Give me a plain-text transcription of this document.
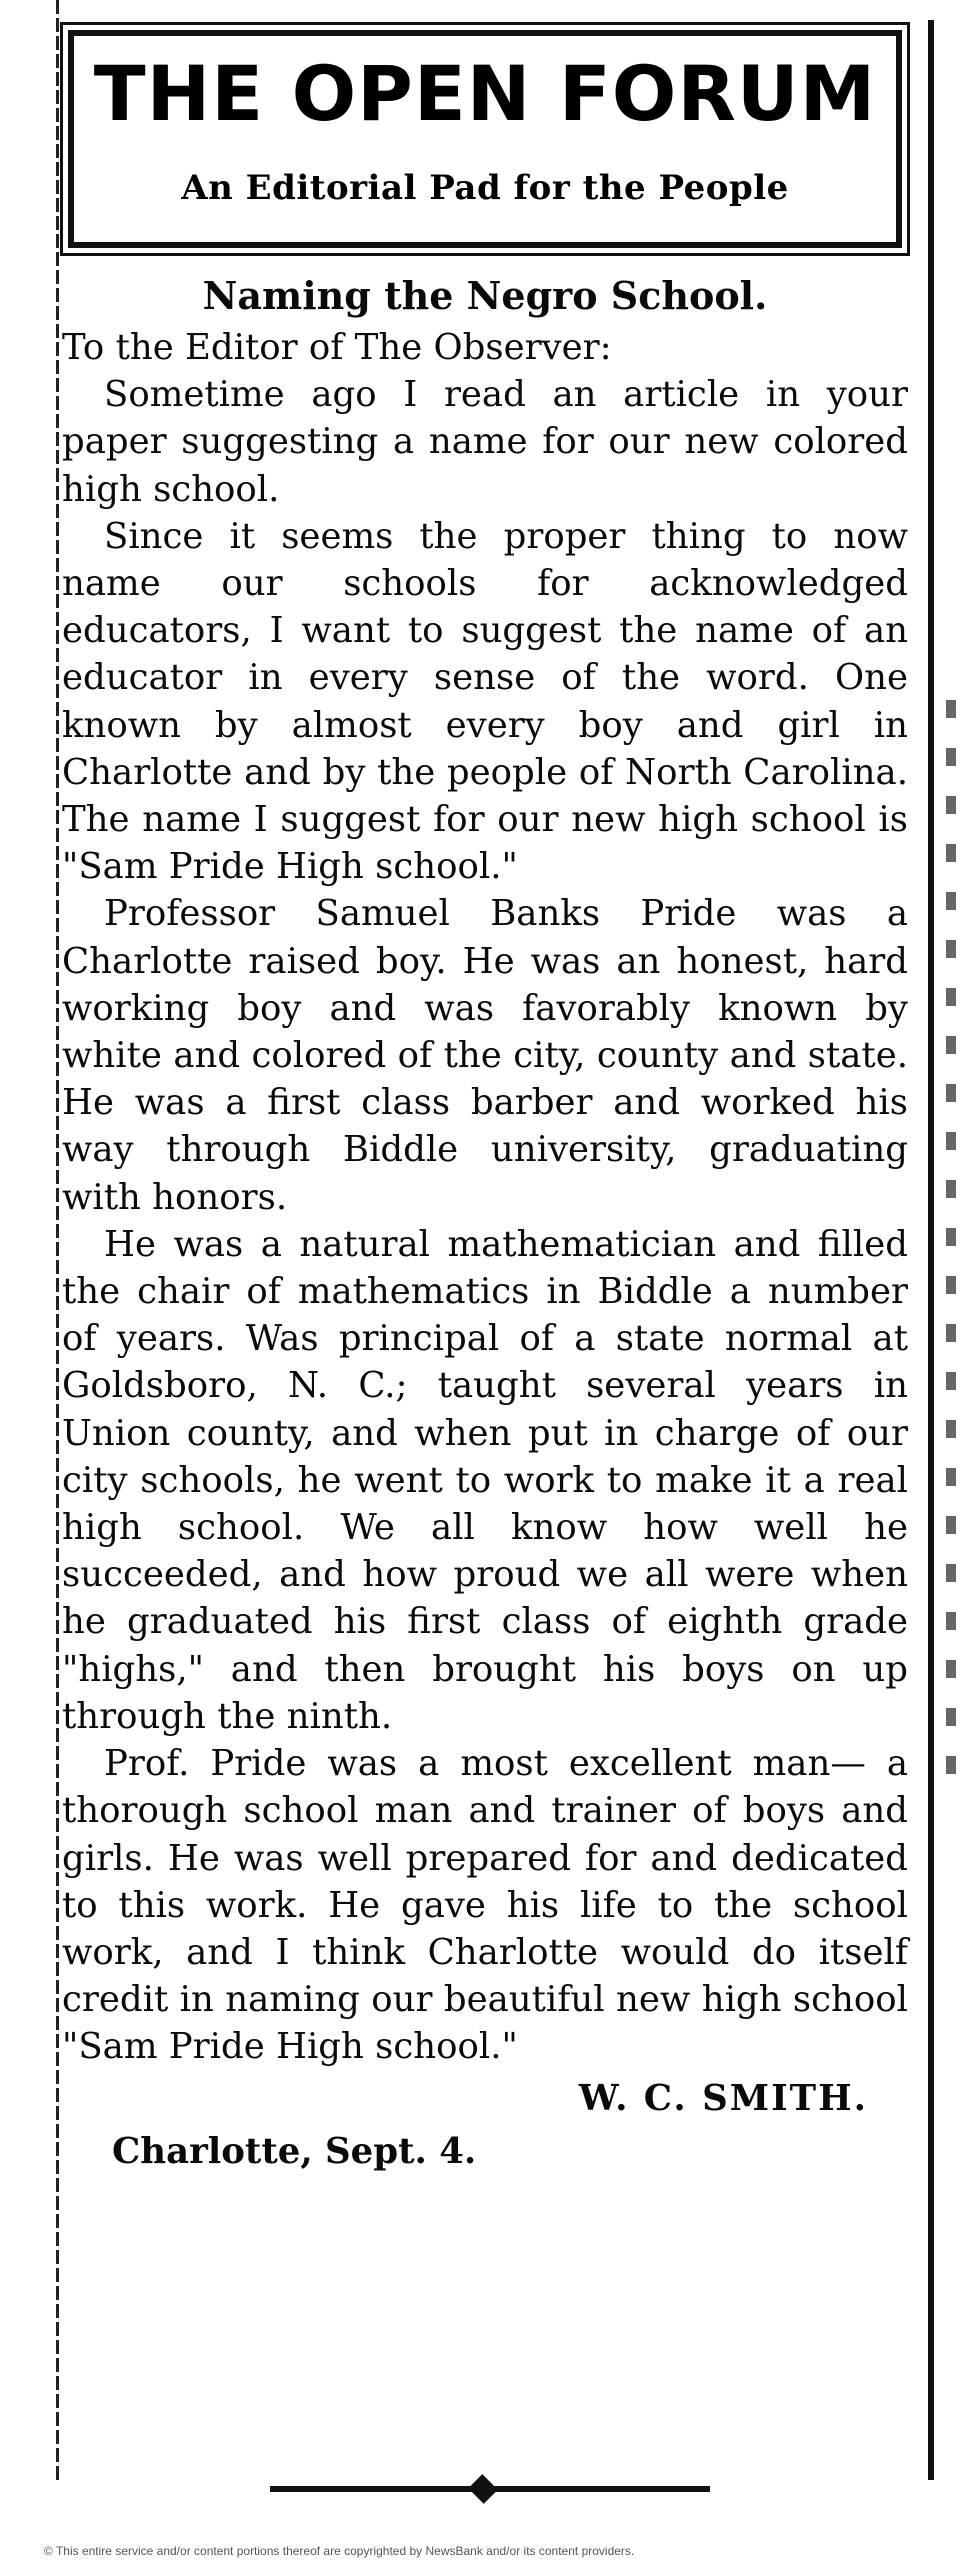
THE OPEN FORUM
An Editorial Pad for the People

Naming the Negro School.

To the Editor of The Observer:

Sometime ago I read an article in your paper suggesting a name for our new colored high school.

Since it seems the proper thing to now name our schools for acknowledged educators, I want to suggest the name of an educator in every sense of the word. One known by almost every boy and girl in Charlotte and by the people of North Carolina. The name I suggest for our new high school is "Sam Pride High school."

Professor Samuel Banks Pride was a Charlotte raised boy. He was an honest, hard working boy and was favorably known by white and colored of the city, county and state. He was a first class barber and worked his way through Biddle university, graduating with honors.

He was a natural mathematician and filled the chair of mathematics in Biddle a number of years. Was principal of a state normal at Goldsboro, N. C.; taught several years in Union county, and when put in charge of our city schools, he went to work to make it a real high school. We all know how well he succeeded, and how proud we all were when he graduated his first class of eighth grade "highs," and then brought his boys on up through the ninth.

Prof. Pride was a most excellent man— a thorough school man and trainer of boys and girls. He was well prepared for and dedicated to this work. He gave his life to the school work, and I think Charlotte would do itself credit in naming our beautiful new high school "Sam Pride High school."

W. C. SMITH.

Charlotte, Sept. 4.

© This entire service and/or content portions thereof are copyrighted by NewsBank and/or its content providers.
